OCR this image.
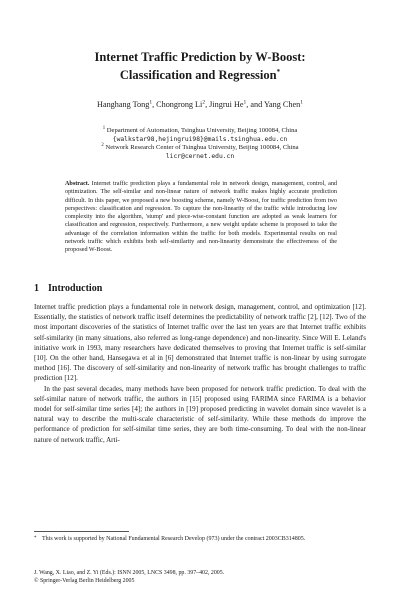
Internet Traffic Prediction by W-Boost:
Classification and Regression*
Hanghang Tong$^1$, Chongrong Li$^2$, Jingrui He$^1$, and Yang Chen$^1$
$^1$ Department of Automation, Tsinghua University, Beijing 100084, China
{walkstar98,hejingrui98}@mails.tsinghua.edu.cn
$^2$ Network Research Center of Tsinghua University, Beijing 100084, China
licr@cernet.edu.cn
Abstract. Internet traffic prediction plays a fundamental role in network design, management, control, and optimization. The self-similar and non-linear nature of network traffic makes highly accurate prediction difficult. In this paper, we proposed a new boosting scheme, namely W-Boost, for traffic prediction from two perspectives: classification and regression. To capture the non-linearity of the traffic while introducing low complexity into the algorithm, 'stump' and piece-wise-constant function are adopted as weak learners for classification and regression, respectively. Furthermore, a new weight update scheme is proposed to take the advantage of the correlation information within the traffic for both models. Experimental results on real network traffic which exhibits both self-similarity and non-linearity demonstrate the effectiveness of the proposed W-Boost.
1 Introduction

Internet traffic prediction plays a fundamental role in network design, management, control, and optimization [12]. Essentially, the statistics of network traffic itself determines the predictability of network traffic [2], [12]. Two of the most important discoveries of the statistics of Internet traffic over the last ten years are that Internet traffic exhibits self-similarity (in many situations, also referred as long-range dependence) and non-linearity. Since Will E. Leland's initiative work in 1993, many researchers have dedicated themselves to proving that Internet traffic is self-similar [10]. On the other hand, Hansegawa et al in [6] demonstrated that Internet traffic is non-linear by using surrogate method [16]. The discovery of self-similarity and non-linearity of network traffic has brought challenges to traffic prediction [12].

In the past several decades, many methods have been proposed for network traffic prediction. To deal with the self-similar nature of network traffic, the authors in [15] proposed using FARIMA since FARIMA is a behavior model for self-similar time series [4]; the authors in [19] proposed predicting in wavelet domain since wavelet is a natural way to describe the multi-scale characteristic of self-similarity. While these methods do improve the performance of prediction for self-similar time series, they are both time-consuming. To deal with the non-linear nature of network traffic, Arti-

* This work is supported by National Fundamental Research Develop (973) under the contract 2003CB314805.
J. Wang, X. Liao, and Z. Yi (Eds.): ISNN 2005, LNCS 3498, pp. 397–402, 2005.
© Springer-Verlag Berlin Heidelberg 2005
